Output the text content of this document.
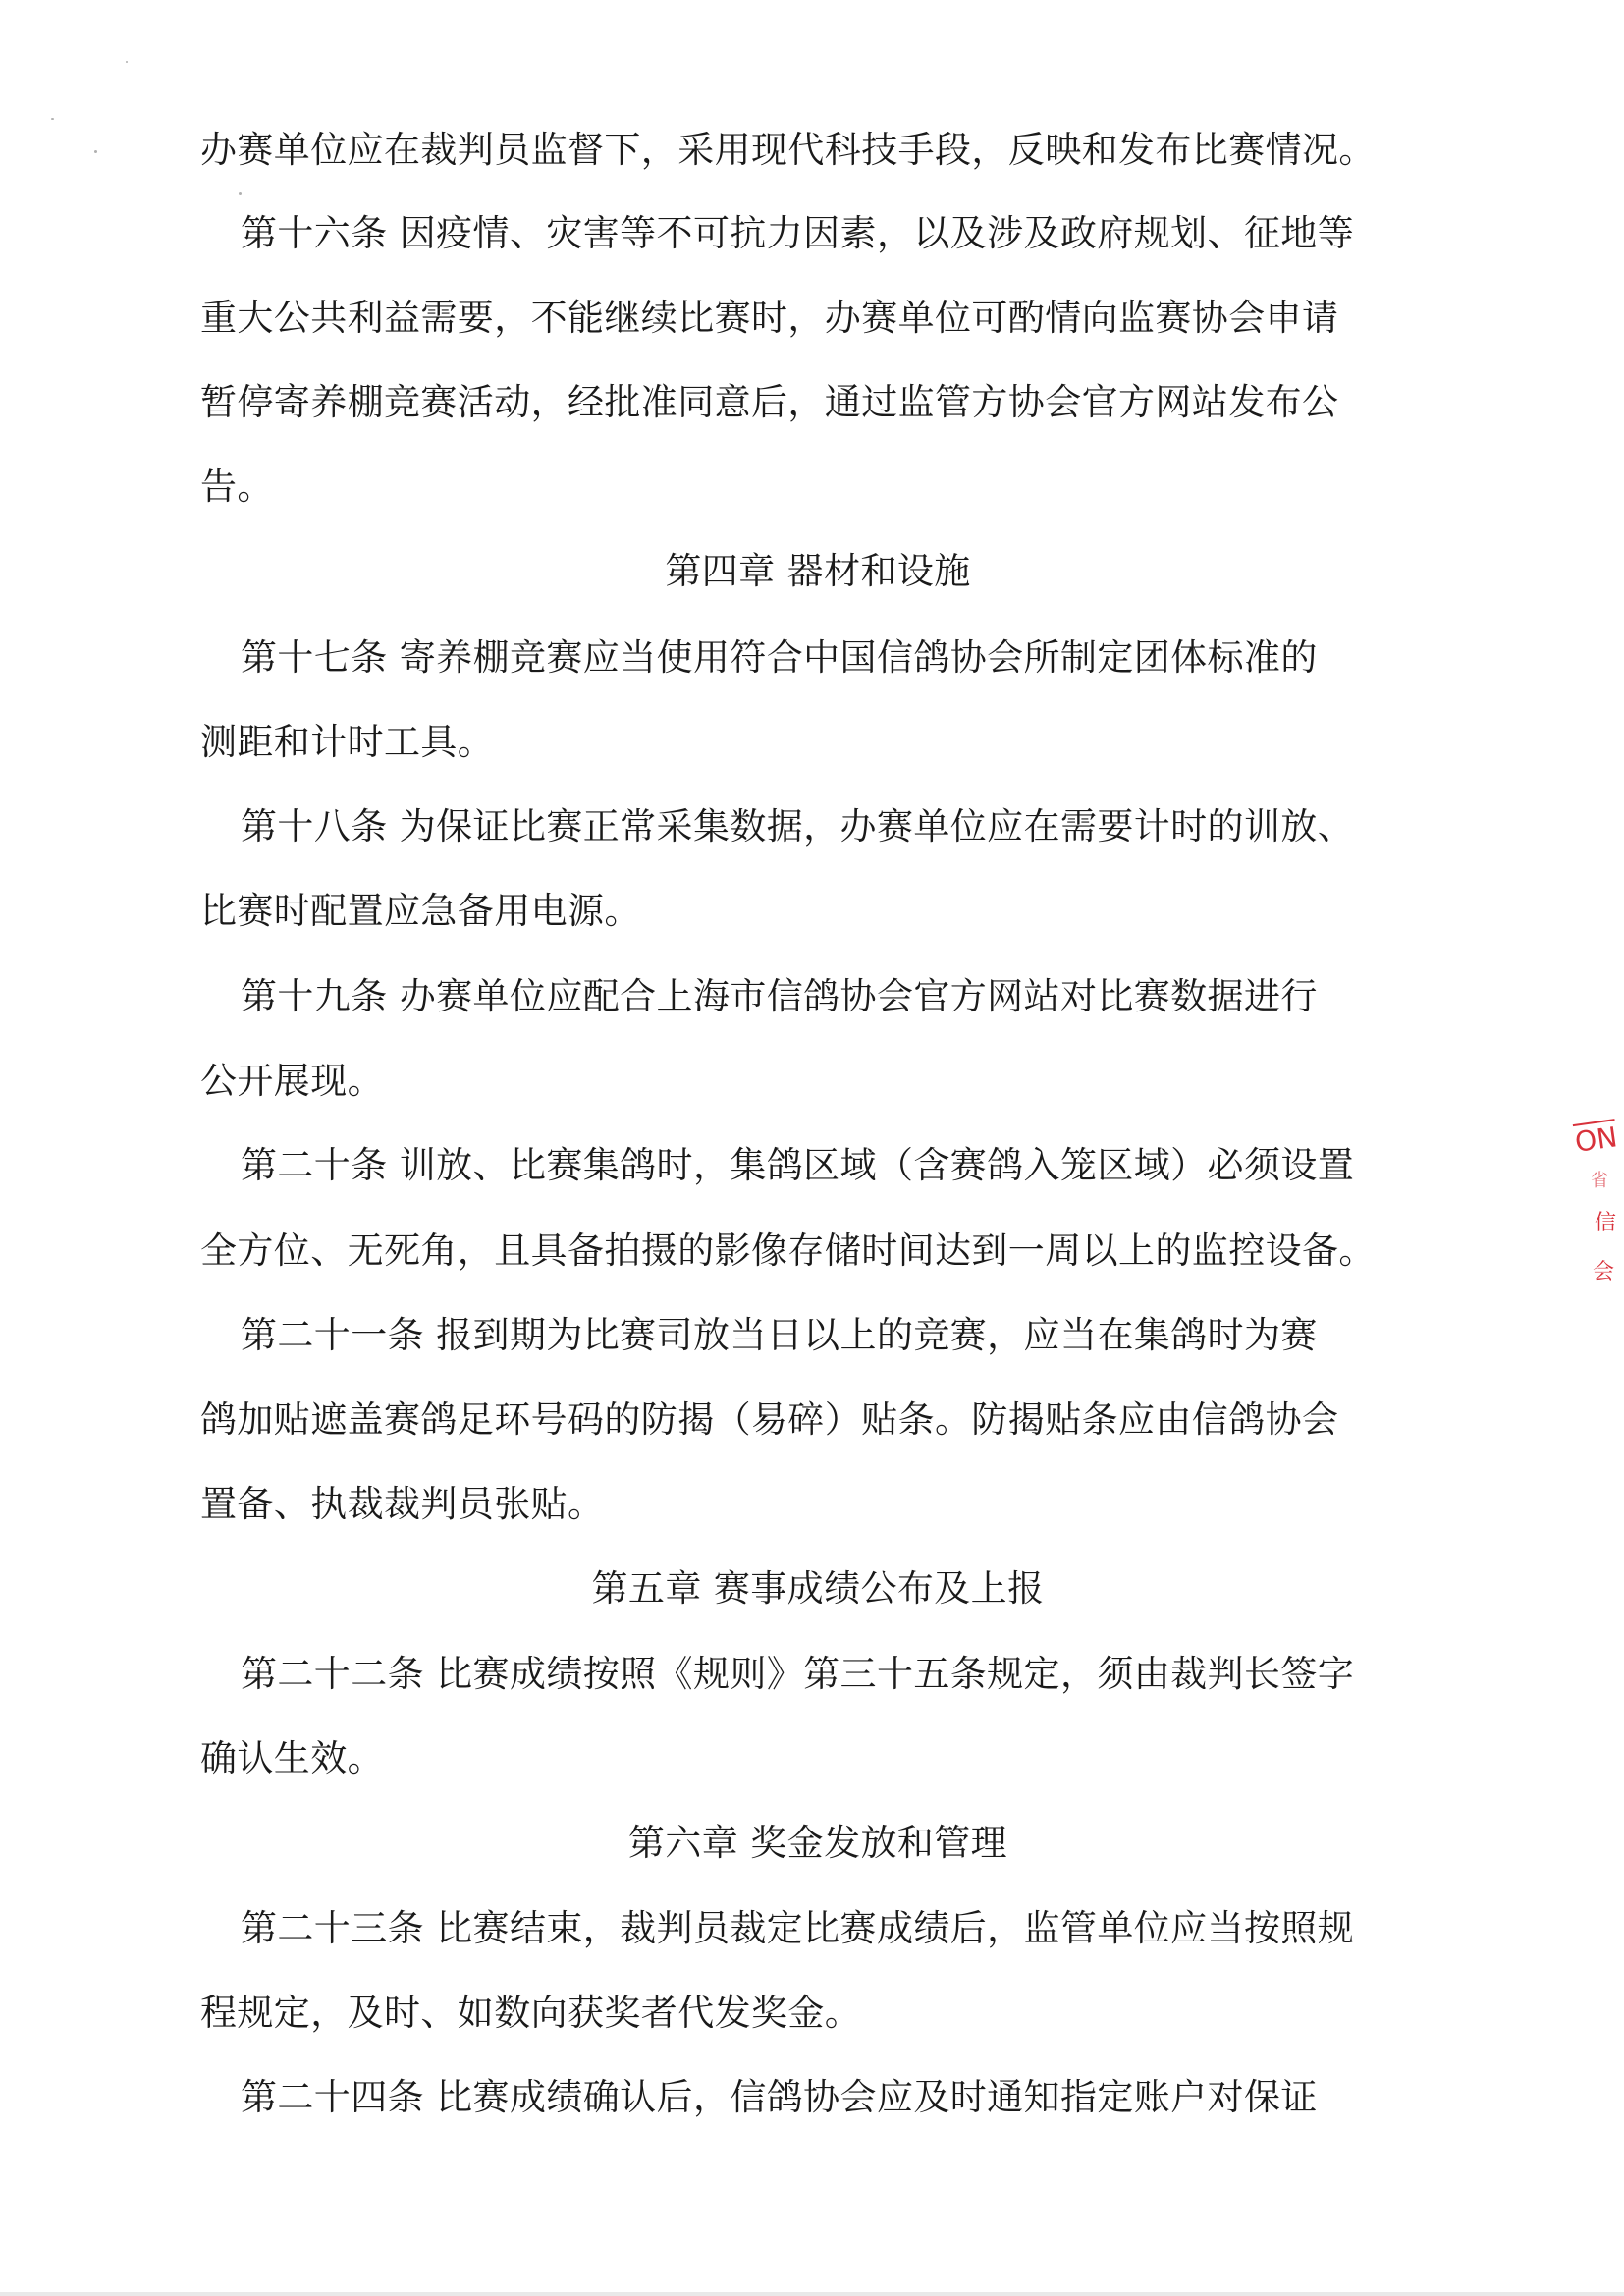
办赛单位应在裁判员监督下，采用现代科技手段，反映和发布比赛情况。
第十六条 因疫情、灾害等不可抗力因素，以及涉及政府规划、征地等
重大公共利益需要，不能继续比赛时，办赛单位可酌情向监赛协会申请
暂停寄养棚竞赛活动，经批准同意后，通过监管方协会官方网站发布公
告。
第四章 器材和设施
第十七条 寄养棚竞赛应当使用符合中国信鸽协会所制定团体标准的
测距和计时工具。
第十八条 为保证比赛正常采集数据，办赛单位应在需要计时的训放、
比赛时配置应急备用电源。
第十九条 办赛单位应配合上海市信鸽协会官方网站对比赛数据进行
公开展现。
第二十条 训放、比赛集鸽时，集鸽区域（含赛鸽入笼区域）必须设置
全方位、无死角，且具备拍摄的影像存储时间达到一周以上的监控设备。
第二十一条 报到期为比赛司放当日以上的竞赛，应当在集鸽时为赛
鸽加贴遮盖赛鸽足环号码的防揭（易碎）贴条。防揭贴条应由信鸽协会
置备、执裁裁判员张贴。
第五章 赛事成绩公布及上报
第二十二条 比赛成绩按照《规则》第三十五条规定，须由裁判长签字
确认生效。
第六章 奖金发放和管理
第二十三条 比赛结束，裁判员裁定比赛成绩后，监管单位应当按照规
程规定，及时、如数向获奖者代发奖金。
第二十四条 比赛成绩确认后，信鸽协会应及时通知指定账户对保证
ON
省
信
会
